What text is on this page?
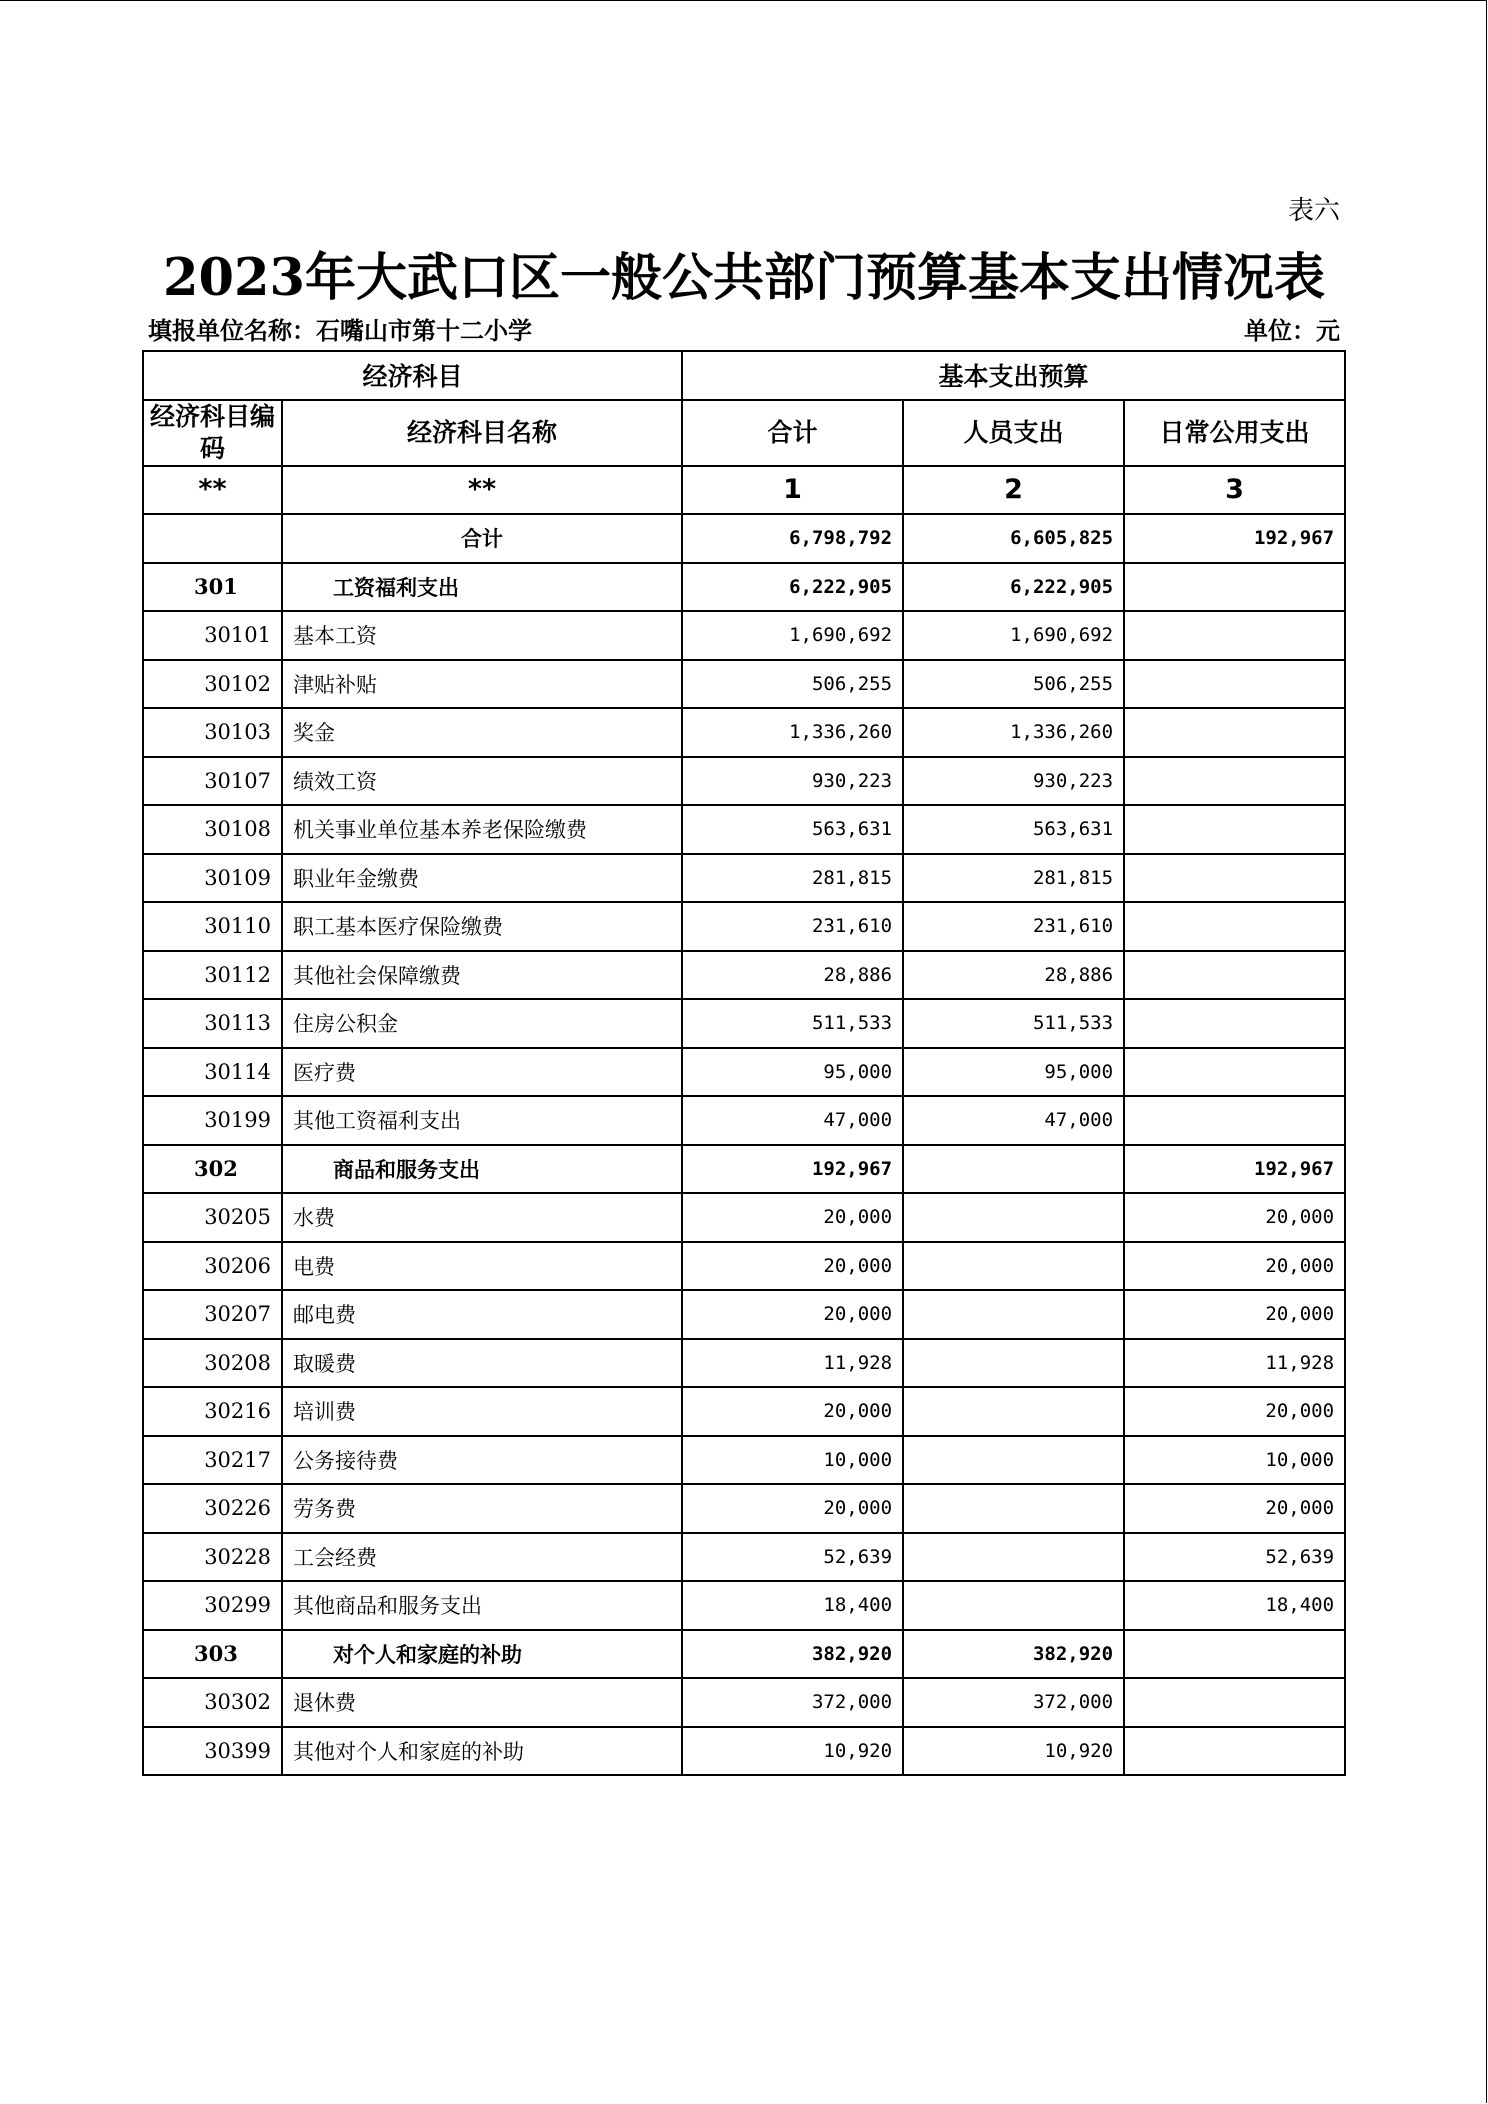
表六
2023年大武口区一般公共部门预算基本支出情况表
填报单位名称：石嘴山市第十二小学	单位：元
经济科目		基本支出预算		
经济科目编码	经济科目名称	合计	人员支出	日常公用支出
**	**	1	2	3
	合计	6,798,792	6,605,825	192,967
301	工资福利支出	6,222,905	6,222,905	
30101	基本工资	1,690,692	1,690,692	
30102	津贴补贴	506,255	506,255	
30103	奖金	1,336,260	1,336,260	
30107	绩效工资	930,223	930,223	
30108	机关事业单位基本养老保险缴费	563,631	563,631	
30109	职业年金缴费	281,815	281,815	
30110	职工基本医疗保险缴费	231,610	231,610	
30112	其他社会保障缴费	28,886	28,886	
30113	住房公积金	511,533	511,533	
30114	医疗费	95,000	95,000	
30199	其他工资福利支出	47,000	47,000	
302	商品和服务支出	192,967		192,967
30205	水费	20,000		20,000
30206	电费	20,000		20,000
30207	邮电费	20,000		20,000
30208	取暖费	11,928		11,928
30216	培训费	20,000		20,000
30217	公务接待费	10,000		10,000
30226	劳务费	20,000		20,000
30228	工会经费	52,639		52,639
30299	其他商品和服务支出	18,400		18,400
303	对个人和家庭的补助	382,920	382,920	
30302	退休费	372,000	372,000	
30399	其他对个人和家庭的补助	10,920	10,920	
